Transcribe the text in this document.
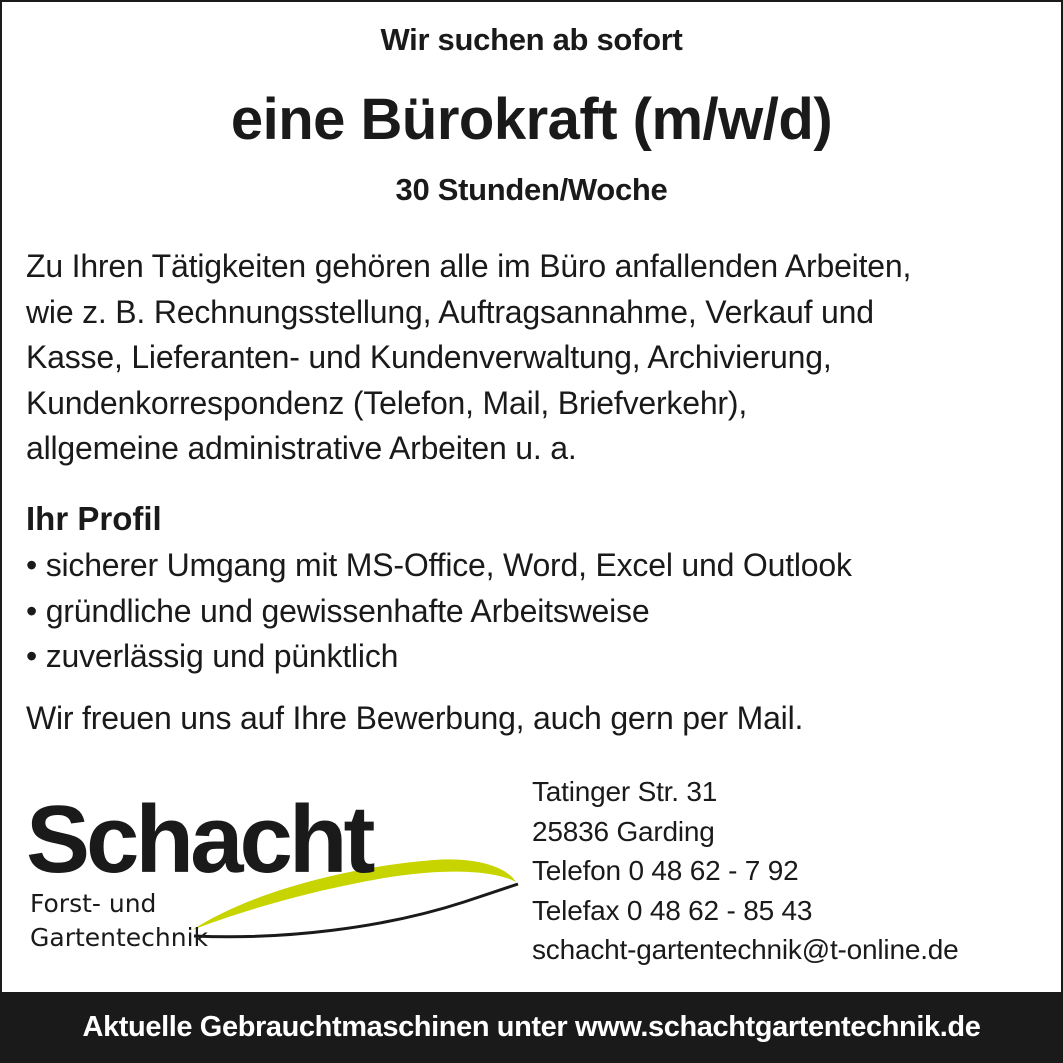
Wir suchen ab sofort
eine Bürokraft (m/w/d)
30 Stunden/Woche
Zu Ihren Tätigkeiten gehören alle im Büro anfallenden Arbeiten,
wie z. B. Rechnungsstellung, Auftragsannahme, Verkauf und
Kasse, Lieferanten- und Kundenverwaltung, Archivierung,
Kundenkorrespondenz (Telefon, Mail, Briefverkehr),
allgemeine administrative Arbeiten u. a.
Ihr Profil
• sicherer Umgang mit MS-Office, Word, Excel und Outlook
• gründliche und gewissenhafte Arbeitsweise
• zuverlässig und pünktlich
Wir freuen uns auf Ihre Bewerbung, auch gern per Mail.
Schacht
Forst- und
Gartentechnik
Tatinger Str. 31
25836 Garding
Telefon 0 48 62 - 7 92
Telefax 0 48 62 - 85 43
schacht-gartentechnik@t-online.de
Aktuelle Gebrauchtmaschinen unter www.schachtgartentechnik.de
